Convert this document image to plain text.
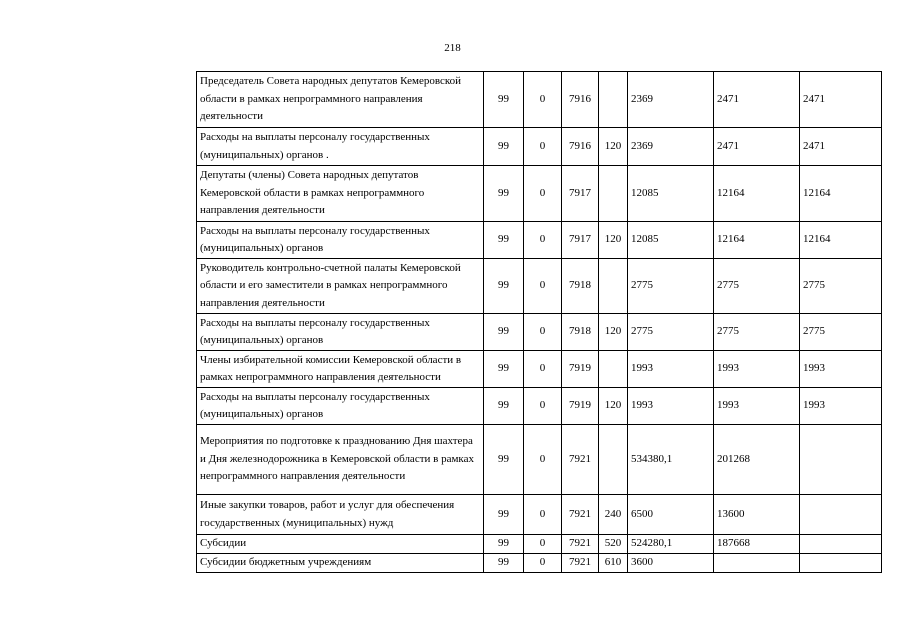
218
Председатель Совета народных депутатов Кемеровской области в рамках непрограммного направления деятельности	99	0	7916		2369	2471	2471
Расходы на выплаты персоналу государственных (муниципальных) органов .	99	0	7916	120	2369	2471	2471
Депутаты (члены) Совета народных депутатов Кемеровской области в рамках непрограммного направления деятельности	99	0	7917		12085	12164	12164
Расходы на выплаты персоналу государственных (муниципальных) органов	99	0	7917	120	12085	12164	12164
Руководитель контрольно-счетной палаты Кемеровской области и его заместители в рамках непрограммного направления деятельности	99	0	7918		2775	2775	2775
Расходы на выплаты персоналу государственных (муниципальных) органов	99	0	7918	120	2775	2775	2775
Члены избирательной комиссии Кемеровской области в рамках непрограммного направления деятельности	99	0	7919		1993	1993	1993
Расходы на выплаты персоналу государственных (муниципальных) органов	99	0	7919	120	1993	1993	1993
Мероприятия по подготовке к празднованию Дня шахтера и Дня железнодорожника в Кемеровской области в рамках непрограммного направления деятельности	99	0	7921		534380,1	201268	
Иные закупки товаров, работ и услуг для обеспечения государственных (муниципальных) нужд	99	0	7921	240	6500	13600	
Субсидии	99	0	7921	520	524280,1	187668	
Субсидии бюджетным учреждениям	99	0	7921	610	3600		
